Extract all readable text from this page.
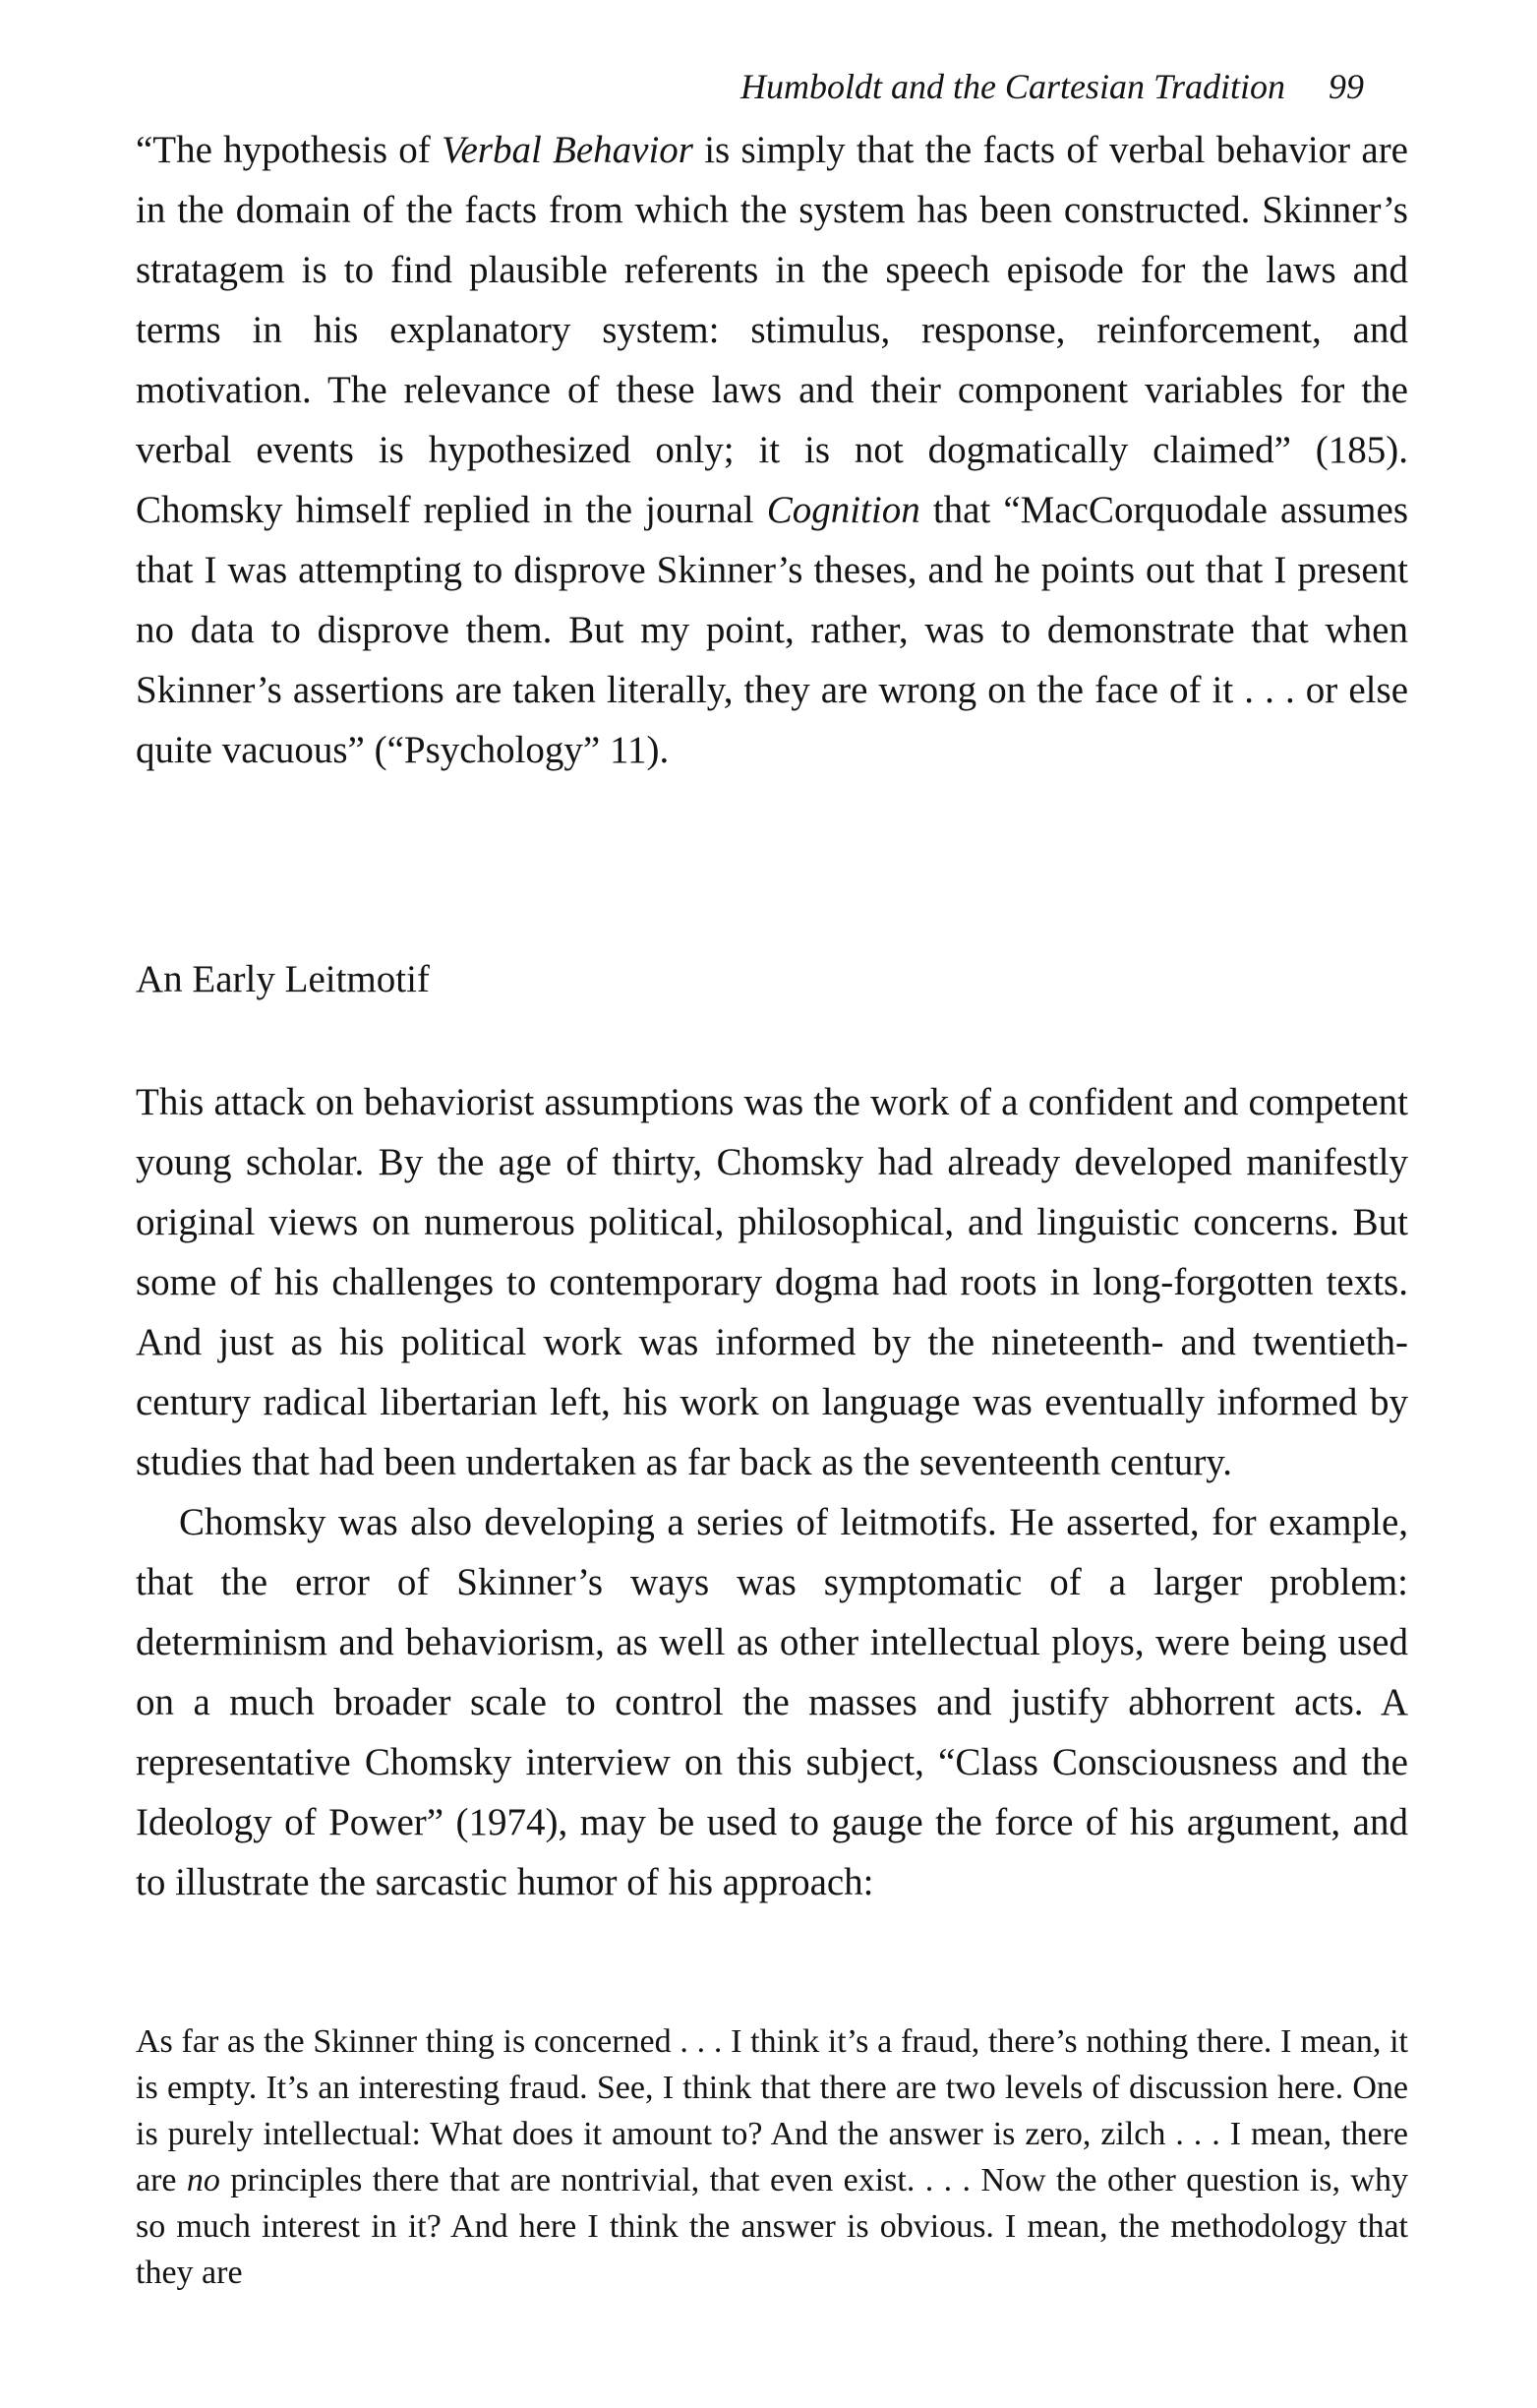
Humboldt and the Cartesian Tradition 99

“The hypothesis of Verbal Behavior is simply that the facts of verbal behavior are in the domain of the facts from which the system has been constructed. Skinner’s stratagem is to find plausible referents in the speech episode for the laws and terms in his explanatory system: stimulus, response, reinforcement, and motivation. The relevance of these laws and their component variables for the verbal events is hypothesized only; it is not dogmatically claimed” (185). Chomsky himself replied in the journal Cognition that “MacCorquodale assumes that I was attempting to disprove Skinner’s theses, and he points out that I present no data to disprove them. But my point, rather, was to demonstrate that when Skinner’s assertions are taken literally, they are wrong on the face of it . . . or else quite vacuous” (“Psychology” 11).

An Early Leitmotif

This attack on behaviorist assumptions was the work of a confident and competent young scholar. By the age of thirty, Chomsky had already developed manifestly original views on numerous political, philosophical, and linguistic concerns. But some of his challenges to contemporary dogma had roots in long-forgotten texts. And just as his political work was informed by the nineteenth- and twentieth-century radical libertarian left, his work on language was eventually informed by studies that had been undertaken as far back as the seventeenth century.

Chomsky was also developing a series of leitmotifs. He asserted, for example, that the error of Skinner’s ways was symptomatic of a larger problem: determinism and behaviorism, as well as other intellectual ploys, were being used on a much broader scale to control the masses and justify abhorrent acts. A representative Chomsky interview on this subject, “Class Consciousness and the Ideology of Power” (1974), may be used to gauge the force of his argument, and to illustrate the sarcastic humor of his approach:

As far as the Skinner thing is concerned . . . I think it’s a fraud, there’s nothing there. I mean, it is empty. It’s an interesting fraud. See, I think that there are two levels of discussion here. One is purely intellectual: What does it amount to? And the answer is zero, zilch . . . I mean, there are no principles there that are nontrivial, that even exist. . . . Now the other question is, why so much interest in it? And here I think the answer is obvious. I mean, the methodology that they are
